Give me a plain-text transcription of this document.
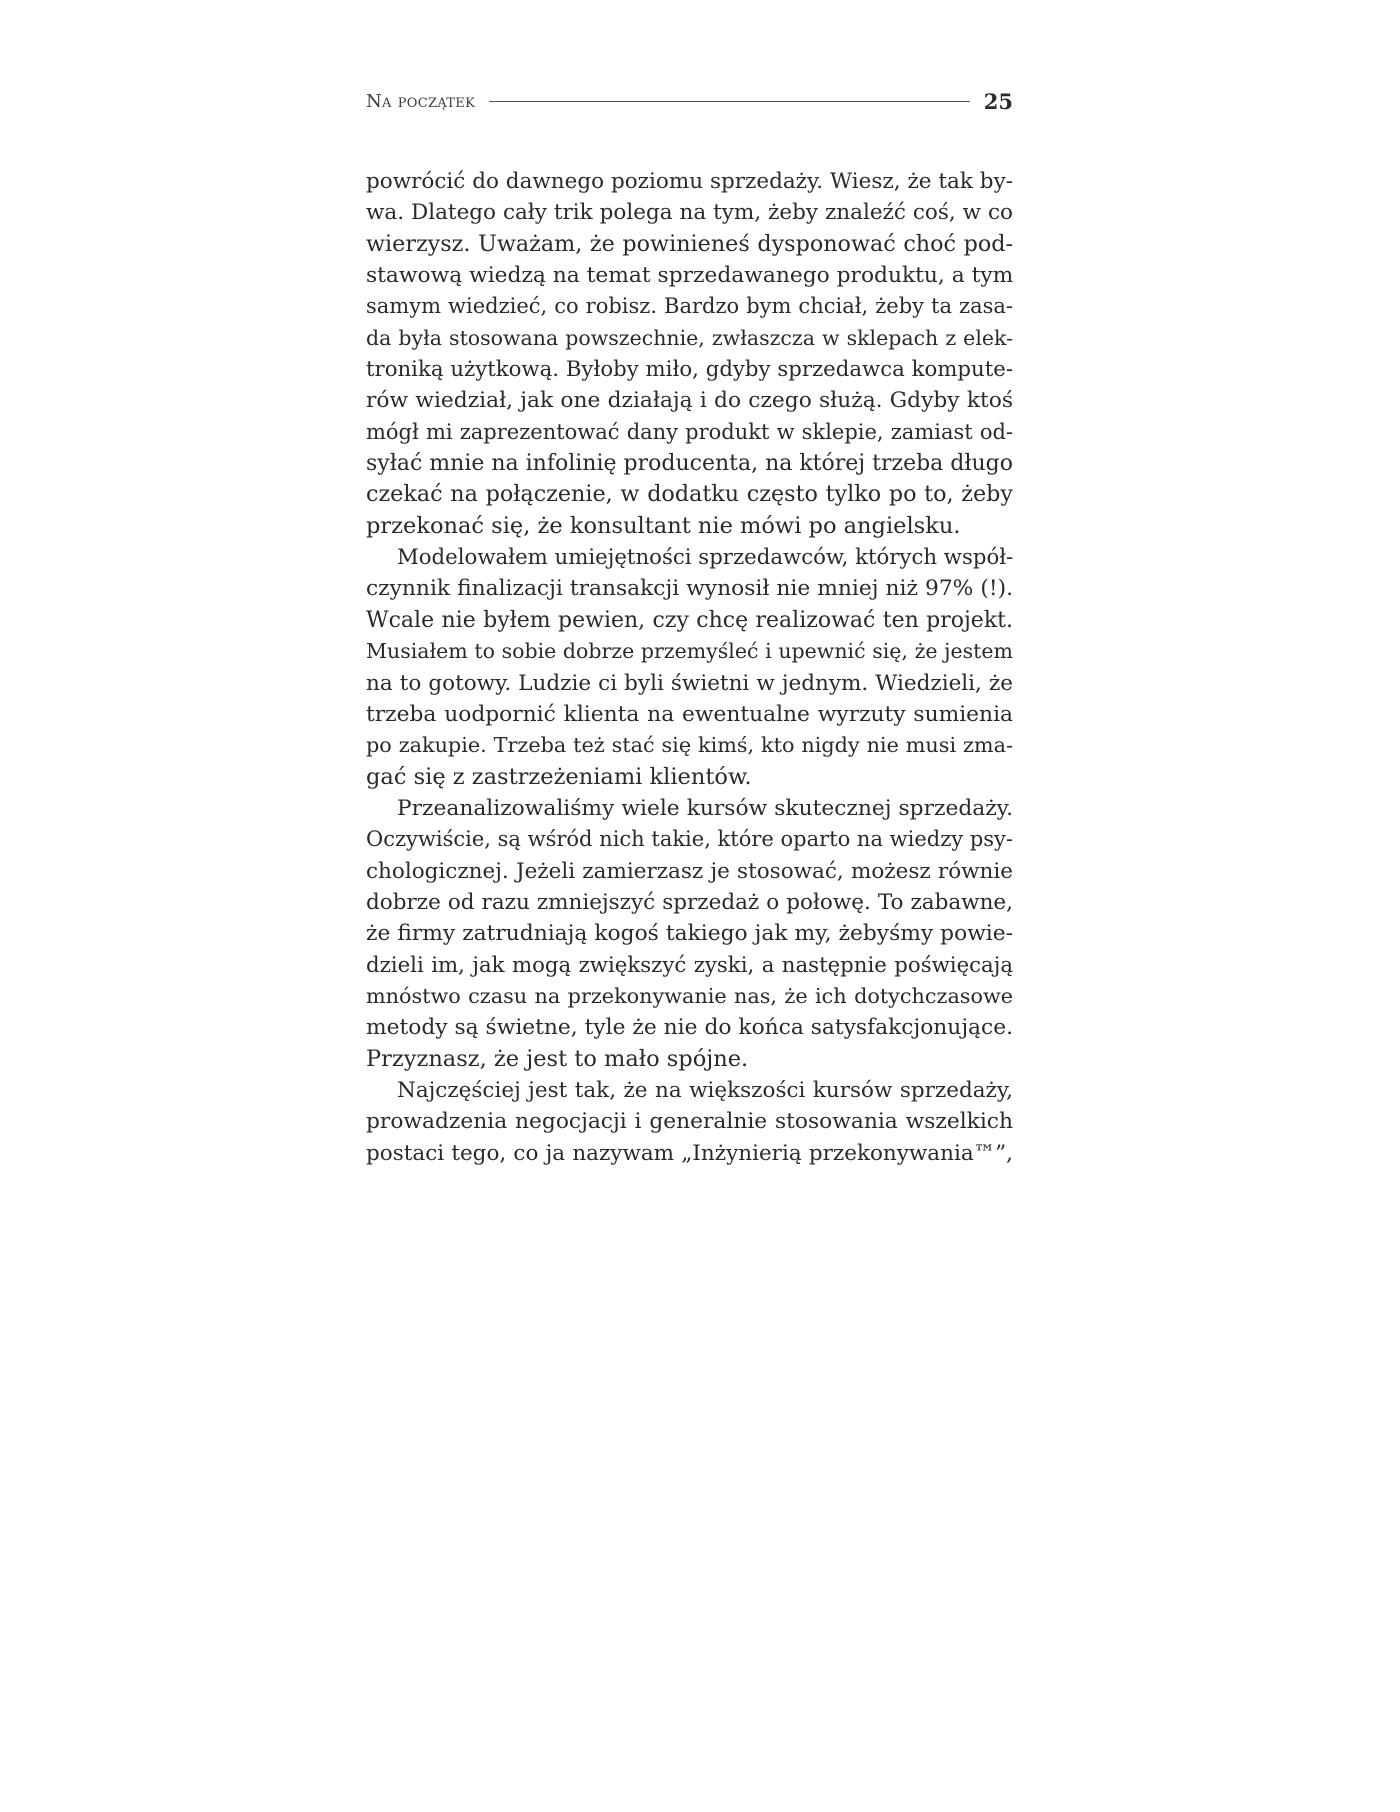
Na początek	25
powrócić do dawnego poziomu sprzedaży. Wiesz, że tak by-
wa. Dlatego cały trik polega na tym, żeby znaleźć coś, w co
wierzysz. Uważam, że powinieneś dysponować choć pod-
stawową wiedzą na temat sprzedawanego produktu, a tym
samym wiedzieć, co robisz. Bardzo bym chciał, żeby ta zasa-
da była stosowana powszechnie, zwłaszcza w sklepach z elek-
troniką użytkową. Byłoby miło, gdyby sprzedawca kompute-
rów wiedział, jak one działają i do czego służą. Gdyby ktoś
mógł mi zaprezentować dany produkt w sklepie, zamiast od-
syłać mnie na infolinię producenta, na której trzeba długo
czekać na połączenie, w dodatku często tylko po to, żeby
przekonać się, że konsultant nie mówi po angielsku.
Modelowałem umiejętności sprzedawców, których współ-
czynnik finalizacji transakcji wynosił nie mniej niż 97% (!).
Wcale nie byłem pewien, czy chcę realizować ten projekt.
Musiałem to sobie dobrze przemyśleć i upewnić się, że jestem
na to gotowy. Ludzie ci byli świetni w jednym. Wiedzieli, że
trzeba uodpornić klienta na ewentualne wyrzuty sumienia
po zakupie. Trzeba też stać się kimś, kto nigdy nie musi zma-
gać się z zastrzeżeniami klientów.
Przeanalizowaliśmy wiele kursów skutecznej sprzedaży.
Oczywiście, są wśród nich takie, które oparto na wiedzy psy-
chologicznej. Jeżeli zamierzasz je stosować, możesz równie
dobrze od razu zmniejszyć sprzedaż o połowę. To zabawne,
że firmy zatrudniają kogoś takiego jak my, żebyśmy powie-
dzieli im, jak mogą zwiększyć zyski, a następnie poświęcają
mnóstwo czasu na przekonywanie nas, że ich dotychczasowe
metody są świetne, tyle że nie do końca satysfakcjonujące.
Przyznasz, że jest to mało spójne.
Najczęściej jest tak, że na większości kursów sprzedaży,
prowadzenia negocjacji i generalnie stosowania wszelkich
postaci tego, co ja nazywam „Inżynierią przekonywania™”,
